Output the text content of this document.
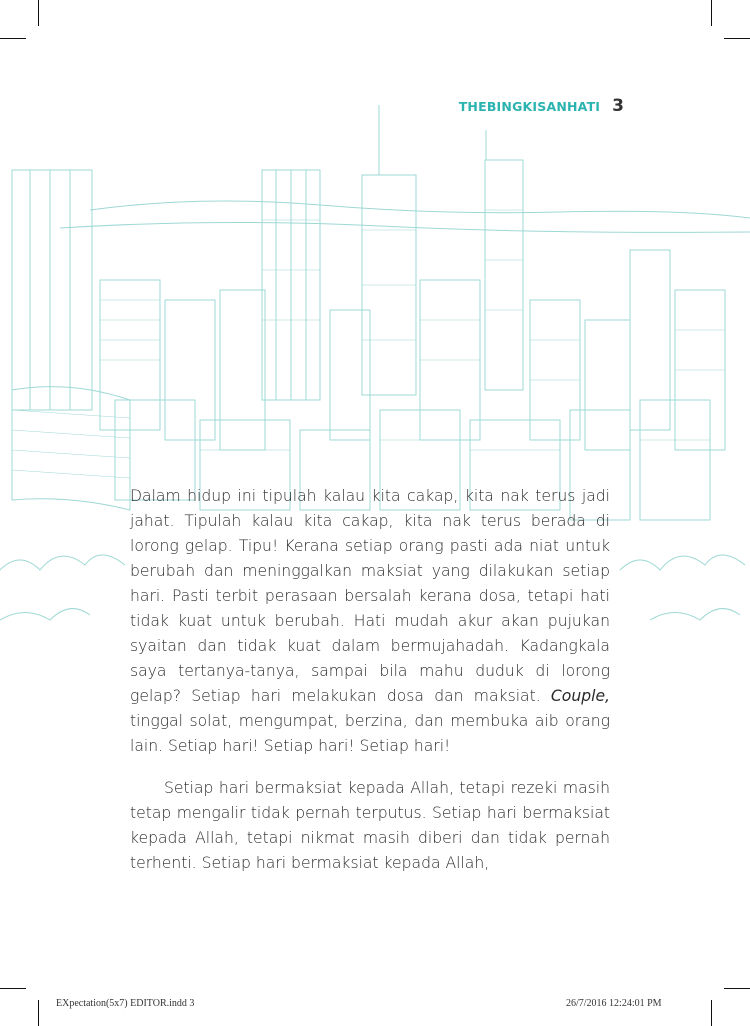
THEBINGKISANHATI 3

Dalam hidup ini tipulah kalau kita cakap, kita nak terus jadi jahat. Tipulah kalau kita cakap, kita nak terus berada di lorong gelap. Tipu! Kerana setiap orang pasti ada niat untuk berubah dan meninggalkan maksiat yang dilakukan setiap hari. Pasti terbit perasaan bersalah kerana dosa, tetapi hati tidak kuat untuk berubah. Hati mudah akur akan pujukan syaitan dan tidak kuat dalam bermujahadah. Kadangkala saya tertanya-tanya, sampai bila mahu duduk di lorong gelap? Setiap hari melakukan dosa dan maksiat. Couple, tinggal solat, mengumpat, berzina, dan membuka aib orang lain. Setiap hari! Setiap hari! Setiap hari!

Setiap hari bermaksiat kepada Allah, tetapi rezeki masih tetap mengalir tidak pernah terputus. Setiap hari bermaksiat kepada Allah, tetapi nikmat masih diberi dan tidak pernah terhenti. Setiap hari bermaksiat kepada Allah,

EXpectation(5x7) EDITOR.indd 3	26/7/2016 12:24:01 PM
